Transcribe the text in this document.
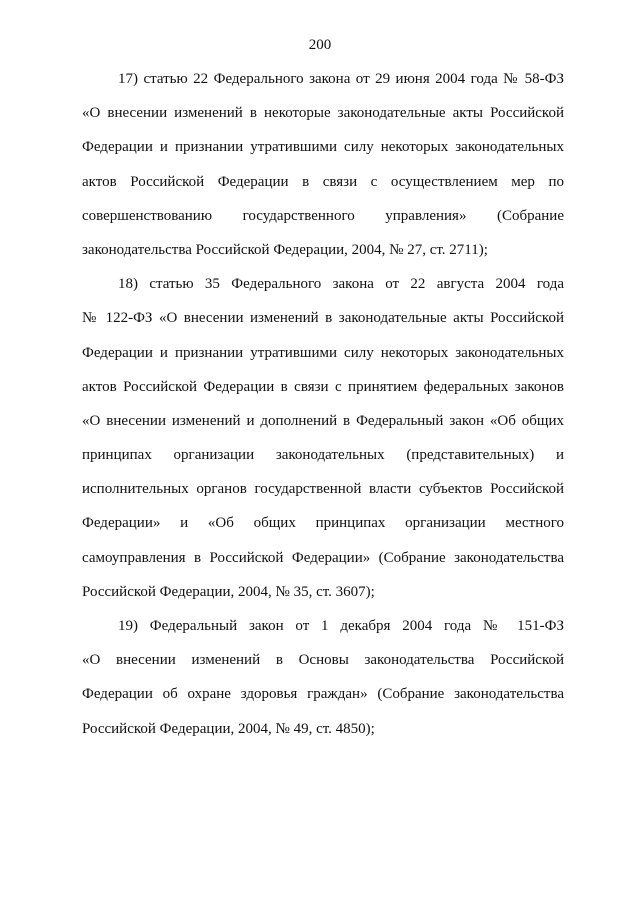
200
17) статью 22 Федерального закона от 29 июня 2004 года № 58-ФЗ
«О внесении изменений в некоторые законодательные акты Российской
Федерации и признании утратившими силу некоторых законодательных
актов Российской Федерации в связи с осуществлением мер по
совершенствованию государственного управления» (Собрание
законодательства Российской Федерации, 2004, № 27, ст. 2711);
18) статью 35 Федерального закона от 22 августа 2004 года
№ 122-ФЗ «О внесении изменений в законодательные акты Российской
Федерации и признании утратившими силу некоторых законодательных
актов Российской Федерации в связи с принятием федеральных законов
«О внесении изменений и дополнений в Федеральный закон «Об общих
принципах организации законодательных (представительных) и
исполнительных органов государственной власти субъектов Российской
Федерации» и «Об общих принципах организации местного
самоуправления в Российской Федерации» (Собрание законодательства
Российской Федерации, 2004, № 35, ст. 3607);
19) Федеральный закон от 1 декабря 2004 года № 151-ФЗ
«О внесении изменений в Основы законодательства Российской
Федерации об охране здоровья граждан» (Собрание законодательства
Российской Федерации, 2004, № 49, ст. 4850);
